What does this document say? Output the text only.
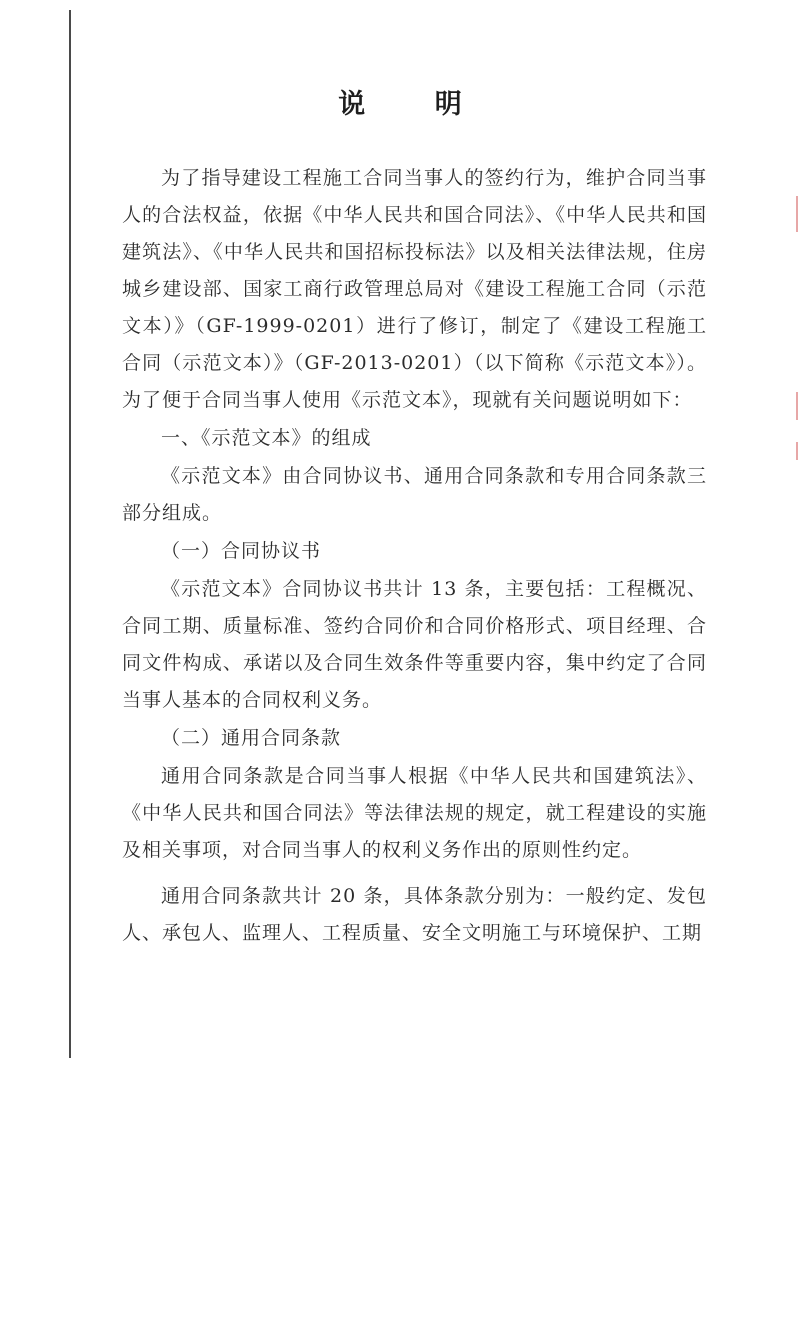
说 明

为了指导建设工程施工合同当事人的签约行为，维护合同当事人的合法权益，依据《中华人民共和国合同法》、《中华人民共和国建筑法》、《中华人民共和国招标投标法》以及相关法律法规，住房城乡建设部、国家工商行政管理总局对《建设工程施工合同（示范文本）》（GF-1999-0201）进行了修订，制定了《建设工程施工合同（示范文本）》（GF-2013-0201）（以下简称《示范文本》）。为了便于合同当事人使用《示范文本》，现就有关问题说明如下：

一、《示范文本》的组成

《示范文本》由合同协议书、通用合同条款和专用合同条款三部分组成。

（一）合同协议书

《示范文本》合同协议书共计 13 条，主要包括：工程概况、合同工期、质量标准、签约合同价和合同价格形式、项目经理、合同文件构成、承诺以及合同生效条件等重要内容，集中约定了合同当事人基本的合同权利义务。

（二）通用合同条款

通用合同条款是合同当事人根据《中华人民共和国建筑法》、《中华人民共和国合同法》等法律法规的规定，就工程建设的实施及相关事项，对合同当事人的权利义务作出的原则性约定。

通用合同条款共计 20 条，具体条款分别为：一般约定、发包人、承包人、监理人、工程质量、安全文明施工与环境保护、工期
